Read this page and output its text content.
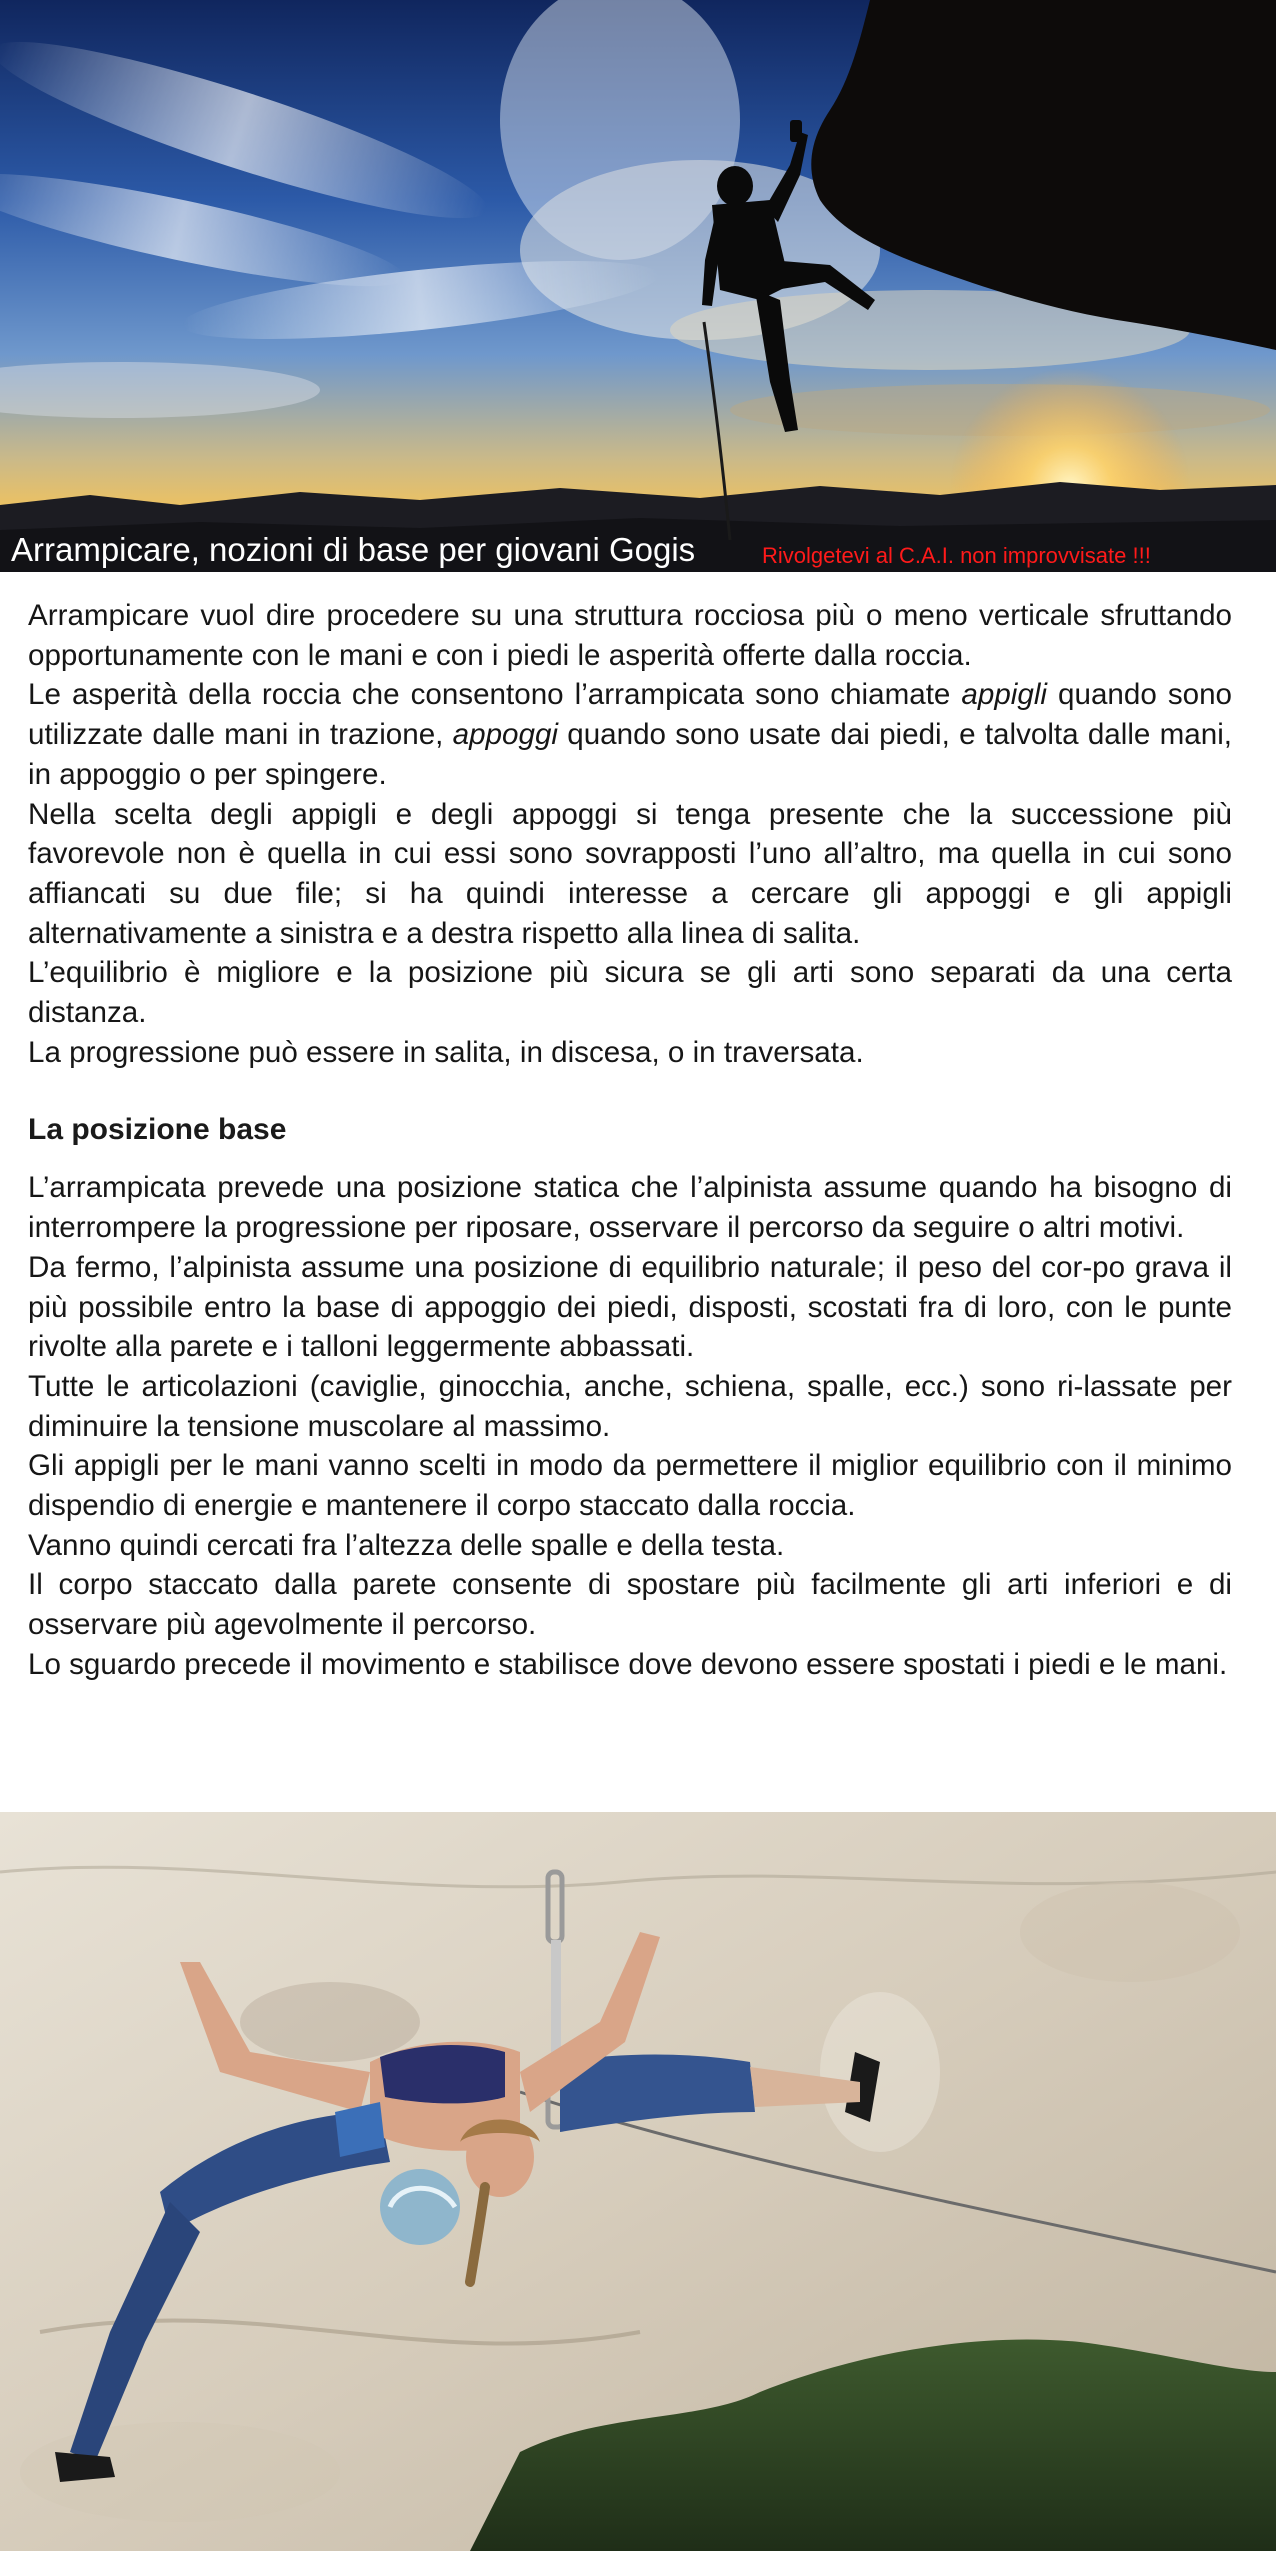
Arrampicare, nozioni di base per giovani Gogis	Rivolgetevi al C.A.I. non improvvisate !!!

Arrampicare vuol dire procedere su una struttura rocciosa più o meno verticale sfruttando opportunamente con le mani e con i piedi le asperità offerte dalla roccia.

Le asperità della roccia che consentono l’arrampicata sono chiamate appigli quando sono utilizzate dalle mani in trazione, appoggi quando sono usate dai piedi, e talvolta dalle mani, in appoggio o per spingere.

Nella scelta degli appigli e degli appoggi si tenga presente che la successione più favorevole non è quella in cui essi sono sovrapposti l’uno all’altro, ma quella in cui sono affiancati su due file; si ha quindi interesse a cercare gli appoggi e gli appigli alternativamente a sinistra e a destra rispetto alla linea di salita.

L’equilibrio è migliore e la posizione più sicura se gli arti sono separati da una certa distanza.

La progressione può essere in salita, in discesa, o in traversata.

La posizione base

L’arrampicata prevede una posizione statica che l’alpinista assume quando ha bisogno di interrompere la progressione per riposare, osservare il percorso da seguire o altri motivi.

Da fermo, l’alpinista assume una posizione di equilibrio naturale; il peso del cor-po grava il più possibile entro la base di appoggio dei piedi, disposti, scostati fra di loro, con le punte rivolte alla parete e i talloni leggermente abbassati.

Tutte le articolazioni (caviglie, ginocchia, anche, schiena, spalle, ecc.) sono ri-lassate per diminuire la tensione muscolare al massimo.

Gli appigli per le mani vanno scelti in modo da permettere il miglior equilibrio con il minimo dispendio di energie e mantenere il corpo staccato dalla roccia.

Vanno quindi cercati fra l’altezza delle spalle e della testa.

Il corpo staccato dalla parete consente di spostare più facilmente gli arti inferiori e di osservare più agevolmente il percorso.

Lo sguardo precede il movimento e stabilisce dove devono essere spostati i piedi e le mani.
